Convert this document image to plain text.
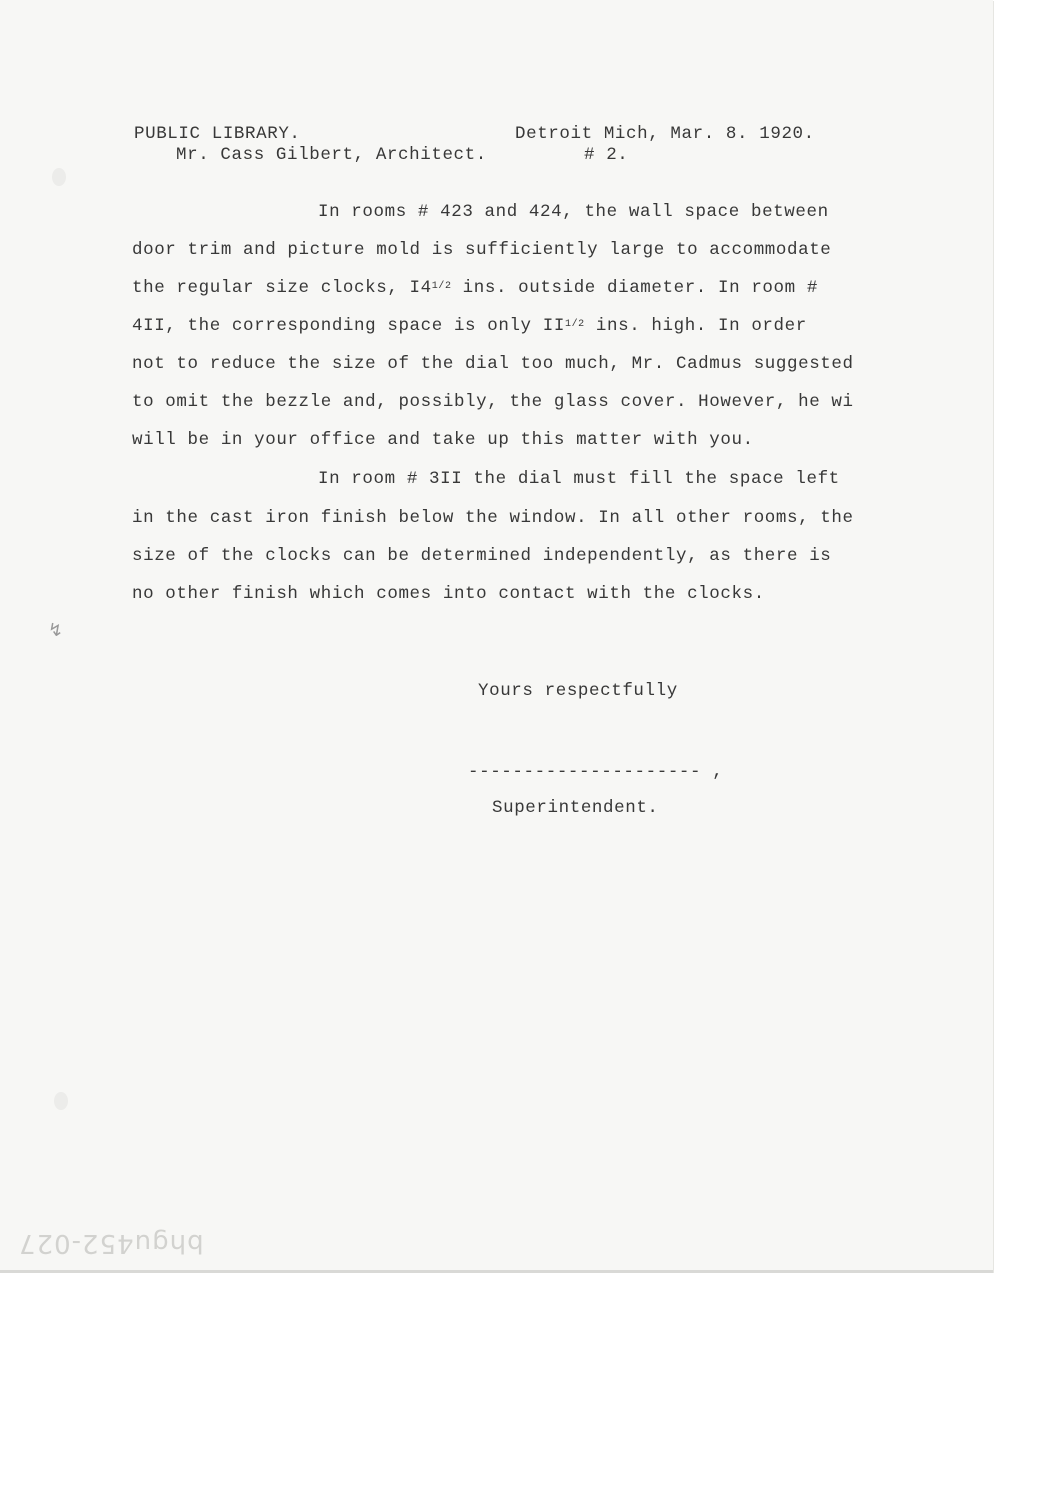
PUBLIC LIBRARY.	Detroit Mich, Mar. 8. 1920.
Mr. Cass Gilbert, Architect.	# 2.
In rooms # 423 and 424, the wall space between
door trim and picture mold is sufficiently large to accommodate
the regular size clocks, I41/2 ins. outside diameter. In room #
4II, the corresponding space is only II1/2 ins. high. In order
not to reduce the size of the dial too much, Mr. Cadmus suggested
to omit the bezzle and, possibly, the glass cover. However, he wi
will be in your office and take up this matter with you.
In room # 3II the dial must fill the space left
in the cast iron finish below the window. In all other rooms, the
size of the clocks can be determined independently, as there is
no other finish which comes into contact with the clocks.
Yours respectfully
--------------------- ,
Superintendent.
↯
bhgu452-027
